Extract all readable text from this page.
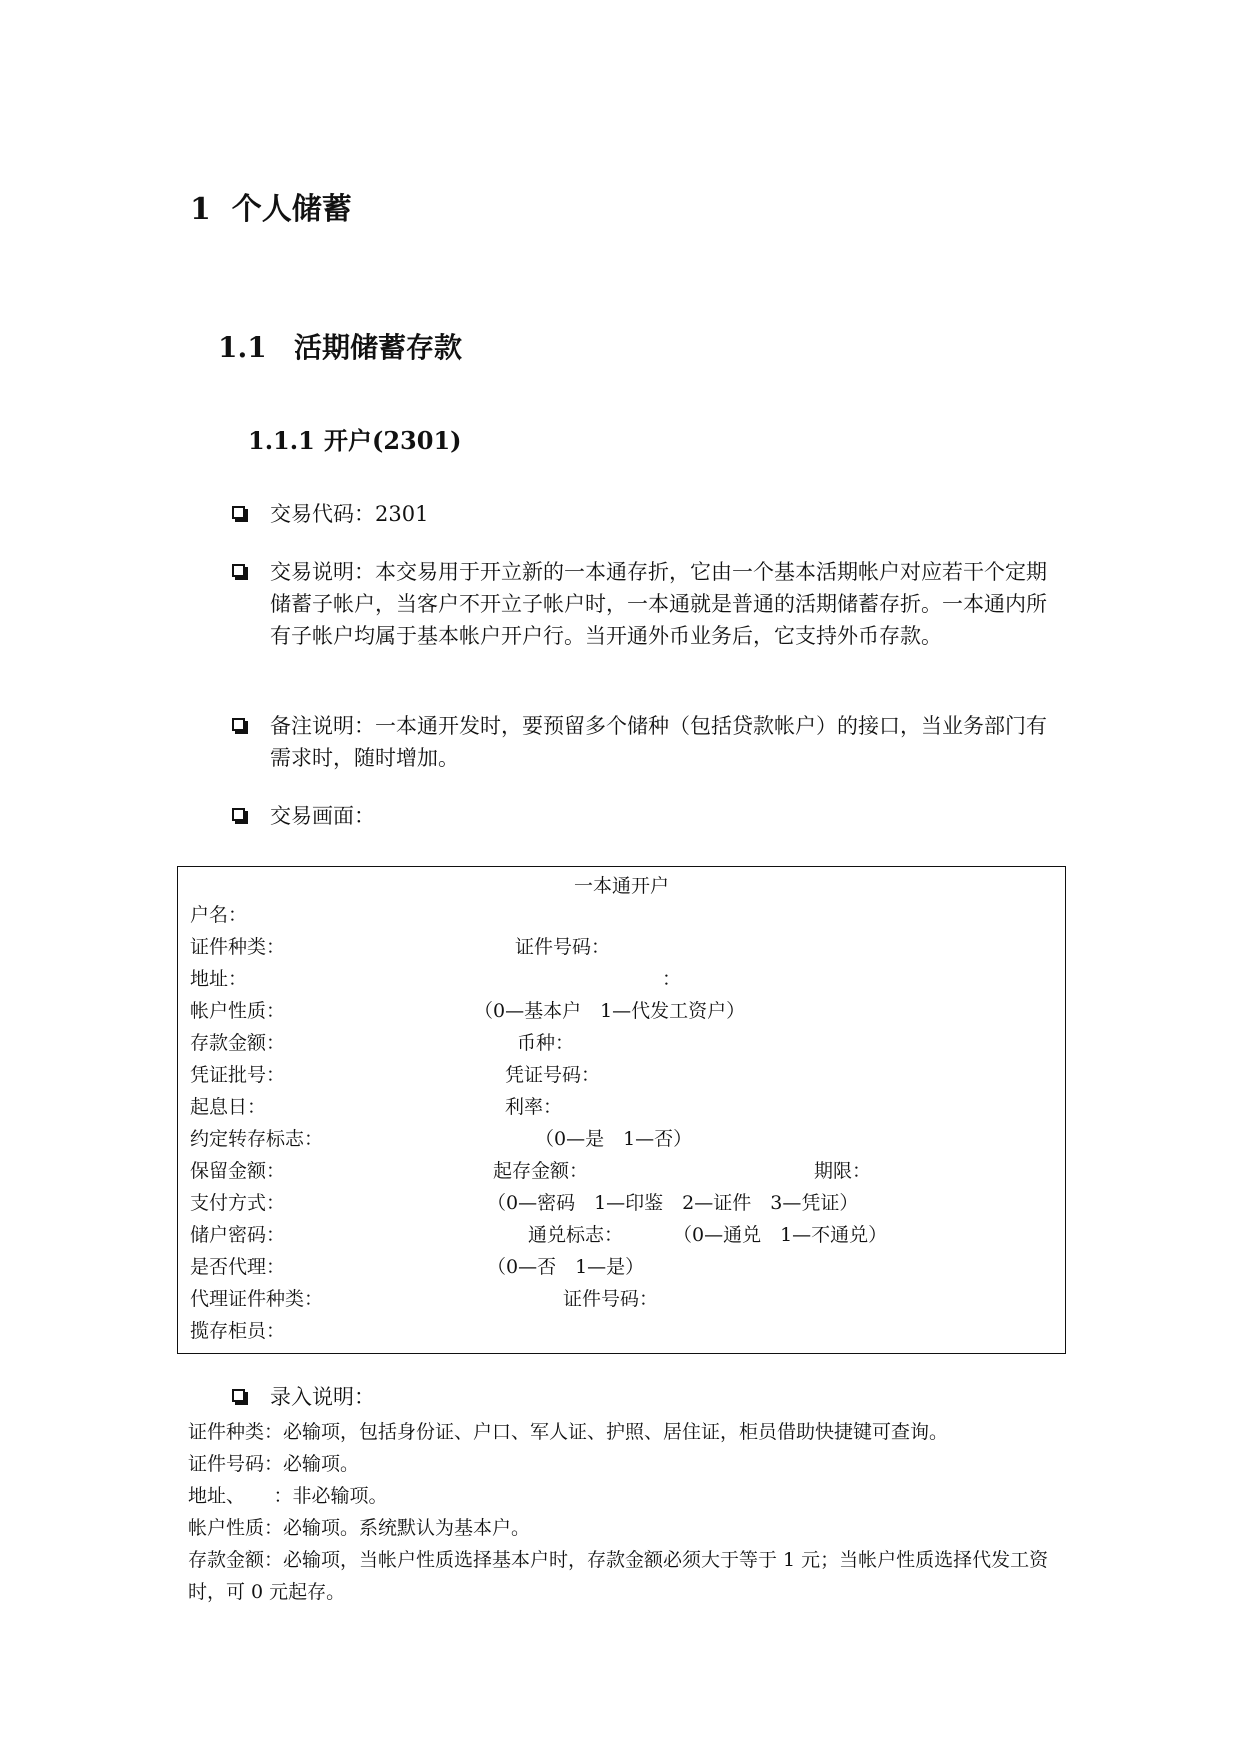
1 个人储蓄
1.1 活期储蓄存款
1.1.1 开户(2301)
交易代码：2301
交易说明：本交易用于开立新的一本通存折，它由一个基本活期帐户对应若干个定期储蓄子帐户，当客户不开立子帐户时，一本通就是普通的活期储蓄存折。一本通内所有子帐户均属于基本帐户开户行。当开通外币业务后，它支持外币存款。
备注说明：一本通开发时，要预留多个储种（包括贷款帐户）的接口，当业务部门有需求时，随时增加。
交易画面：
一本通开户
户名：
证件种类：	证件号码：
地址：	：
帐户性质：	（0—基本户　1—代发工资户）
存款金额：	币种：
凭证批号：	凭证号码：
起息日：	利率：
约定转存标志：	（0—是　1—否）
保留金额：	起存金额：	期限：
支付方式：	（0—密码　1—印鉴　2—证件　3—凭证）
储户密码：	通兑标志：	（0—通兑　1—不通兑）
是否代理：	（0—否　1—是）
代理证件种类：	证件号码：
揽存柜员：
录入说明：
证件种类：必输项，包括身份证、户口、军人证、护照、居住证，柜员借助快捷键可查询。
证件号码：必输项。
地址、　　：非必输项。
帐户性质：必输项。系统默认为基本户。
存款金额：必输项，当帐户性质选择基本户时，存款金额必须大于等于 1 元；当帐户性质选择代发工资时，可 0 元起存。
